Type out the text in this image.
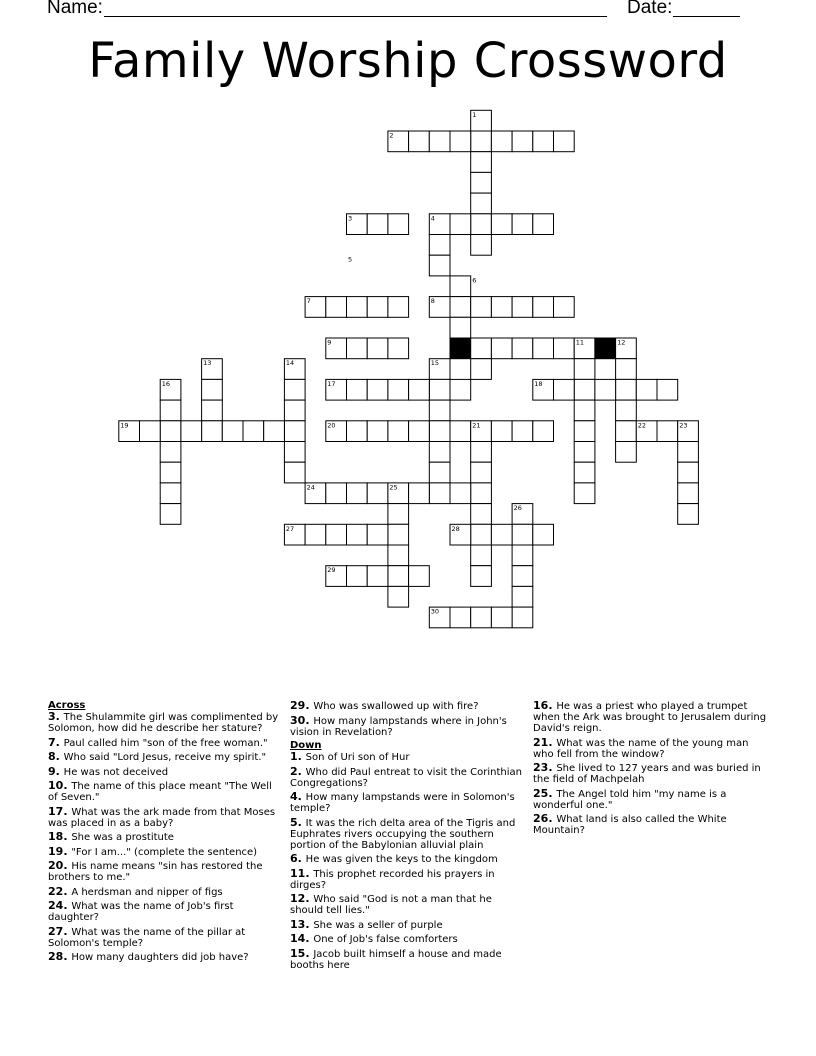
Name:	Date:
Family Worship Crossword
1
2
3	4
5
6
7	8
9	10	11	12
13	14	15
16	17	18
19	20	21	22	23
24	25
26
27	28
29
30
Across
3. The Shulammite girl was complimented by Solomon, how did he describe her stature?
7. Paul called him "son of the free woman."
8. Who said "Lord Jesus, receive my spirit."
9. He was not deceived
10. The name of this place meant "The Well of Seven."
17. What was the ark made from that Moses was placed in as a baby?
18. She was a prostitute
19. "For I am..." (complete the sentence)
20. His name means "sin has restored the brothers to me."
22. A herdsman and nipper of figs
24. What was the name of Job's first daughter?
27. What was the name of the pillar at Solomon's temple?
28. How many daughters did job have?
29. Who was swallowed up with fire?
30. How many lampstands where in John's vision in Revelation?
Down
1. Son of Uri son of Hur
2. Who did Paul entreat to visit the Corinthian Congregations?
4. How many lampstands were in Solomon's temple?
5. It was the rich delta area of the Tigris and Euphrates rivers occupying the southern portion of the Babylonian alluvial plain
6. He was given the keys to the kingdom
11. This prophet recorded his prayers in dirges?
12. Who said "God is not a man that he should tell lies."
13. She was a seller of purple
14. One of Job's false comforters
15. Jacob built himself a house and made booths here
16. He was a priest who played a trumpet when the Ark was brought to Jerusalem during David's reign.
21. What was the name of the young man who fell from the window?
23. She lived to 127 years and was buried in the field of Machpelah
25. The Angel told him "my name is a wonderful one."
26. What land is also called the White Mountain?
